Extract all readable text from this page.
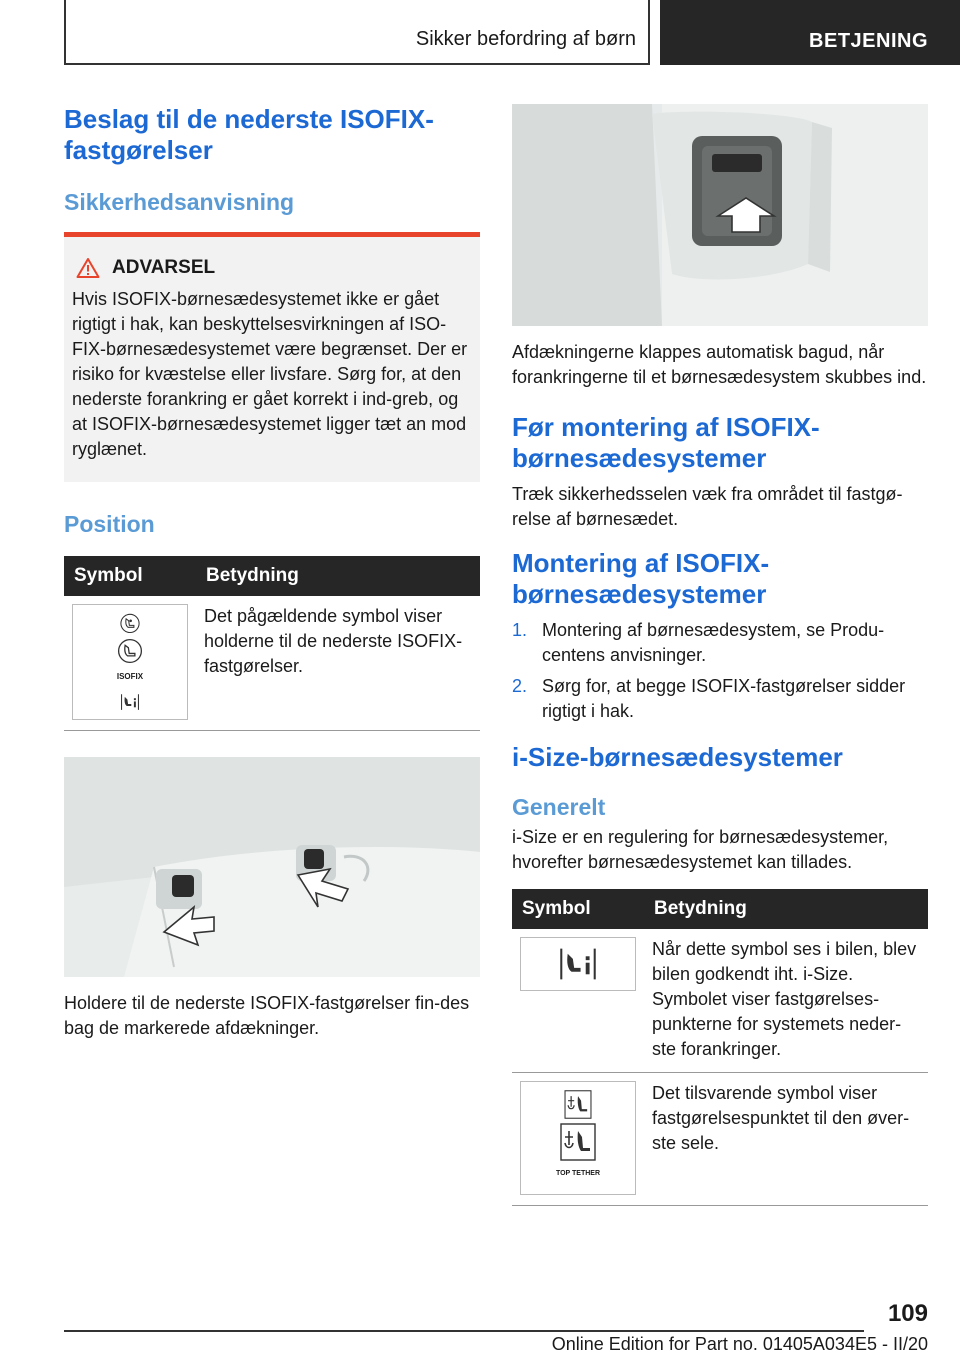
Sikker befordring af børn	BETJENING
Beslag til de nederste ISOFIX-fastgørelser
Sikkerhedsanvisning
ADVARSEL

Hvis ISOFIX-børnesædesystemet ikke er gået rigtigt i hak, kan beskyttelsesvirkningen af ISO-FIX-børnesædesystemet være begrænset. Der er risiko for kvæstelse eller livsfare. Sørg for, at den nederste forankring er gået korrekt i ind-greb, og at ISOFIX-børnesædesystemet ligger tæt an mod ryglænet.

Position
Symbol	Betydning

ISOFIX	Det pågældende symbol viser holderne til de nederste ISOFIX-fastgørelser.

Holdere til de nederste ISOFIX-fastgørelser fin-des bag de markerede afdækninger.

Afdækningerne klappes automatisk bagud, når forankringerne til et børnesædesystem skubbes ind.

Før montering af ISOFIX-børnesædesystemer

Træk sikkerhedsselen væk fra området til fastgø-relse af børnesædet.

Montering af ISOFIX-børnesædesystemer
1. Montering af børnesædesystem, se Produ-centens anvisninger.
2. Sørg for, at begge ISOFIX-fastgørelser sidder rigtigt i hak.
i-Size-børnesædesystemer
Generelt

i-Size er en regulering for børnesædesystemer, hvorefter børnesædesystemet kan tillades.

Symbol	Betydning

	Når dette symbol ses i bilen, blev bilen godkendt iht. i-Size. Symbolet viser fastgørelses-punkterne for systemets neder-ste forankringer.

TOP TETHER	Det tilsvarende symbol viser fastgørelsespunktet til den øver-ste sele.
109
Online Edition for Part no. 01405A034E5 - II/20
